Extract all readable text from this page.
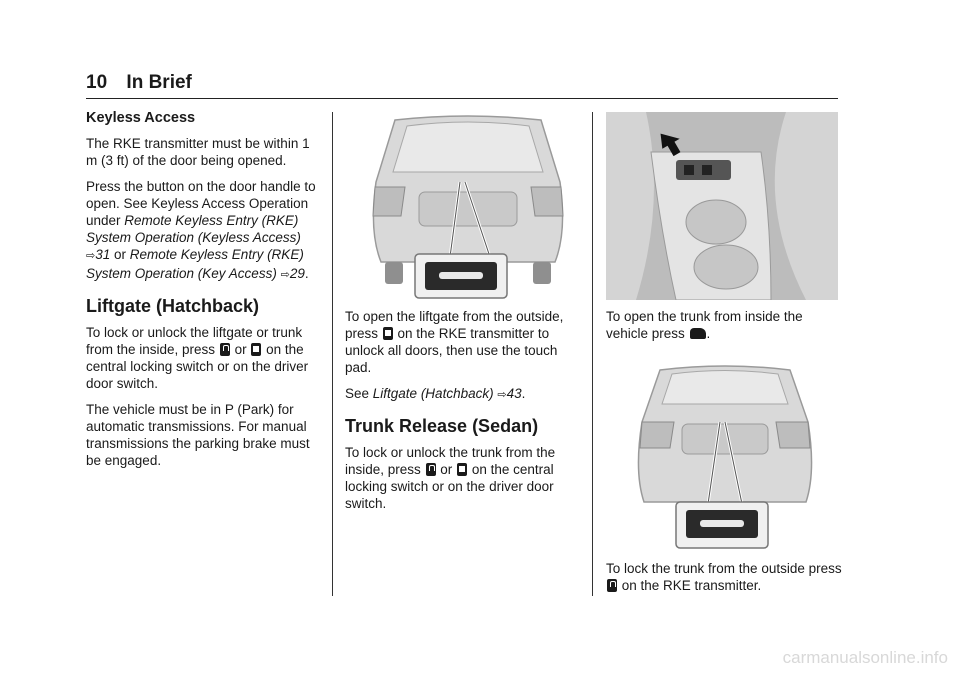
10 In Brief
Keyless Access

The RKE transmitter must be within 1 m (3 ft) of the door being opened.

Press the button on the door handle to open. See Keyless Access Operation under Remote Keyless Entry (RKE) System Operation (Keyless Access) ⇨31 or Remote Keyless Entry (RKE) System Operation (Key Access) ⇨29.

Liftgate (Hatchback)

To lock or unlock the liftgate or trunk from the inside, press  or  on the central locking switch or on the driver door switch.

The vehicle must be in P (Park) for automatic transmissions. For manual transmissions the parking brake must be engaged.

To open the liftgate from the outside, press  on the RKE transmitter to unlock all doors, then use the touch pad.

See Liftgate (Hatchback) ⇨43.

Trunk Release (Sedan)

To lock or unlock the trunk from the inside, press  or  on the central locking switch or on the driver door switch.

To open the trunk from inside the vehicle press .

To lock the trunk from the outside press  on the RKE transmitter.

carmanualsonline.info
